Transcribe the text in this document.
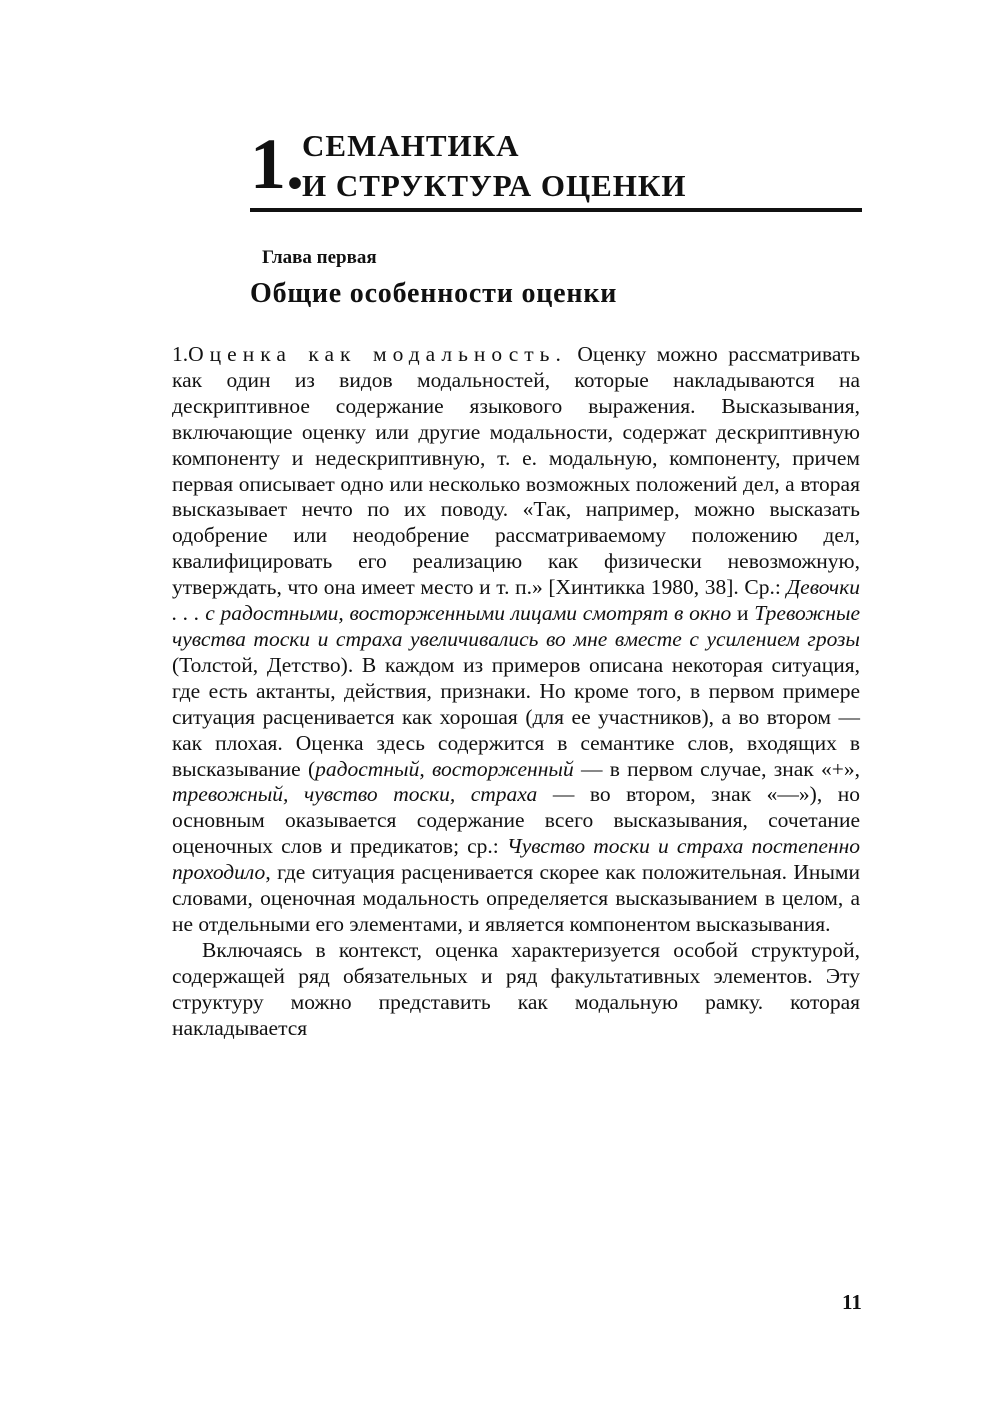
1.
СЕМАНТИКА
И СТРУКТУРА ОЦЕНКИ
Глава первая
Общие особенности оценки

1.Оценка как модальность.​ Оценку можно рассматривать как один из видов модальностей, которые накладываются на дескриптивное содержание языкового выражения. Высказывания, включающие оценку или другие модальности, содержат дескриптивную компоненту и недескриптивную, т. е. модальную, компоненту, причем первая описывает одно или несколько возможных положений дел, а вторая высказывает нечто по их поводу. «Так, например, можно высказать одобрение или неодобрение рассматриваемому положению дел, квалифицировать его реализацию как физически невозможную, утверждать, что она имеет место и т. п.» [Хинтикка 1980, 38]. Ср.: Девочки . . . с радостными, восторженными лицами смотрят в окно и Тревожные чувства тоски и страха увеличивались во мне вместе с усилением грозы (Толстой, Детство). В каждом из примеров описана некоторая ситуация, где есть актанты, действия, признаки. Но кроме того, в первом примере ситуация расценивается как хорошая (для ее участников), а во втором — как плохая. Оценка здесь содержится в семантике слов, входящих в высказывание (радостный, восторженный — в первом случае, знак «+», тревожный, чувство тоски, страха — во втором, знак «—»), но основным оказывается содержание всего высказывания, сочетание оценочных слов и предикатов; ср.: Чувство тоски и страха постепенно проходило, где ситуация расценивается скорее как положительная. Иными словами, оценочная модальность определяется высказыванием в целом, а не отдельными его элементами, и является компонентом высказывания.

Включаясь в контекст, оценка характеризуется особой структурой, содержащей ряд обязательных и ряд факультативных элементов. Эту структуру можно представить как модальную рамку. которая накладывается

11
